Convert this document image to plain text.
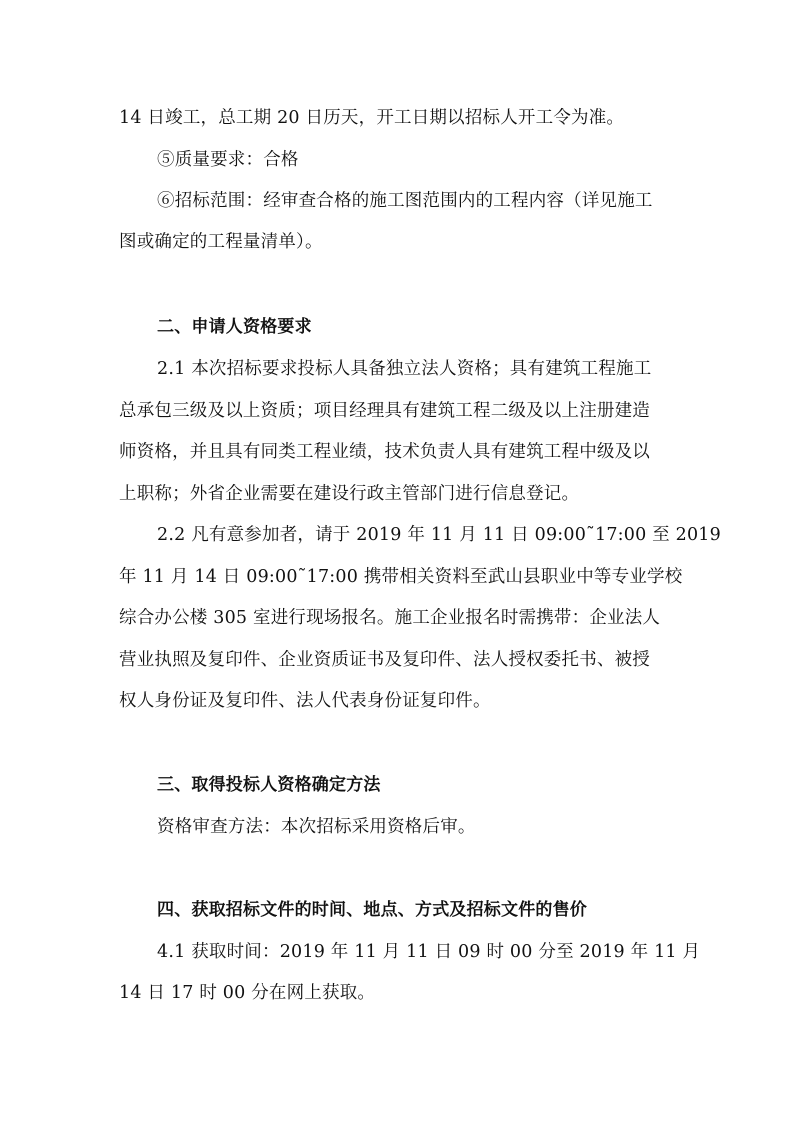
14 日竣工，总工期 20 日历天，开工日期以招标人开工令为准。
⑤质量要求：合格
⑥招标范围：经审查合格的施工图范围内的工程内容（详见施工
图或确定的工程量清单）。
二、申请人资格要求
2.1 本次招标要求投标人具备独立法人资格；具有建筑工程施工
总承包三级及以上资质；项目经理具有建筑工程二级及以上注册建造
师资格，并且具有同类工程业绩，技术负责人具有建筑工程中级及以
上职称；外省企业需要在建设行政主管部门进行信息登记。
2.2 凡有意参加者，请于 2019 年 11 月 11 日 09:00˜17:00 至 2019
年 11 月 14 日 09:00˜17:00 携带相关资料至武山县职业中等专业学校
综合办公楼 305 室进行现场报名。施工企业报名时需携带：企业法人
营业执照及复印件、企业资质证书及复印件、法人授权委托书、被授
权人身份证及复印件、法人代表身份证复印件。
三、取得投标人资格确定方法
资格审查方法：本次招标采用资格后审。
四、获取招标文件的时间、地点、方式及招标文件的售价
4.1 获取时间：2019 年 11 月 11 日 09 时 00 分至 2019 年 11 月
14 日 17 时 00 分在网上获取。
